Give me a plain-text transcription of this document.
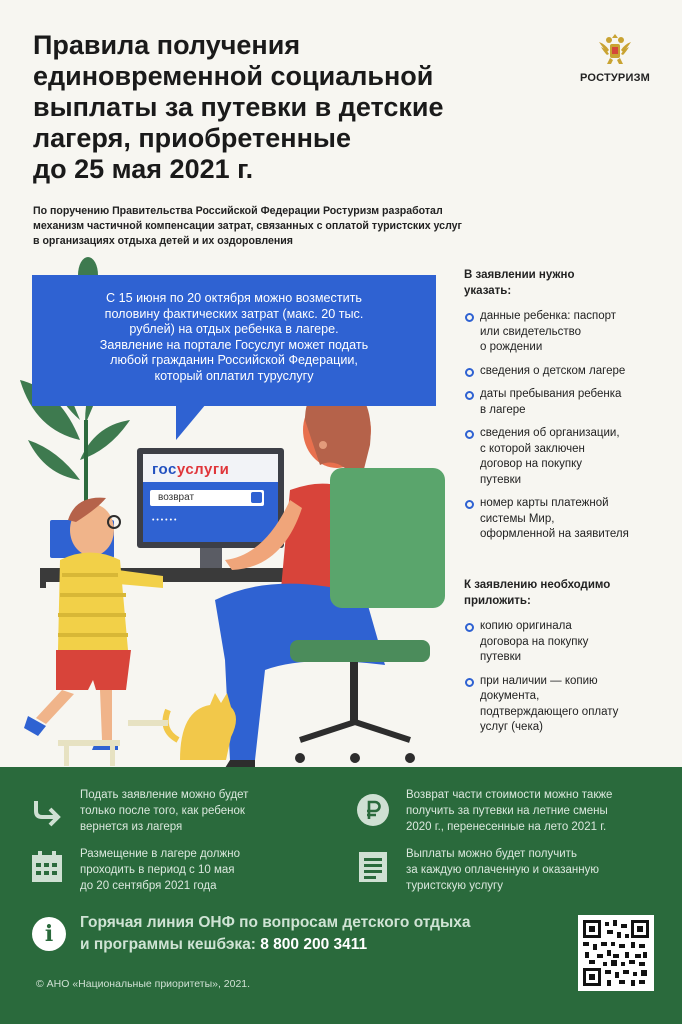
Правила получения
единовременной социальной
выплаты за путевки в детские
лагеря, приобретенные
до 25 мая 2021 г.
РОСТУРИЗМ
По поручению Правительства Российской Федерации Ростуризм разработал
механизм частичной компенсации затрат, связанных с оплатой туристских услуг
в организациях отдыха детей и их оздоровления
С 15 июня по 20 октября можно возместить
половину фактических затрат (макс. 20 тыс.
рублей) на отдых ребенка в лагере.
Заявление на портале Госуслуг может подать
любой гражданин Российской Федерации,
который оплатил туруслугу
госуслуги
возврат
• • • • • •
В заявлении нужно
указать:
данные ребенка: паспорт
или свидетельство
о рождении
сведения о детском лагере
даты пребывания ребенка
в лагере
сведения об организации,
с которой заключен
договор на покупку
путевки
номер карты платежной
системы Мир,
оформленной на заявителя
К заявлению необходимо
приложить:
копию оригинала
договора на покупку
путевки
при наличии — копию
документа,
подтверждающего оплату
услуг (чека)
Подать заявление можно будет
только после того, как ребенок
вернется из лагеря
Возврат части стоимости можно также
получить за путевки на летние смены
2020 г., перенесенные на лето 2021 г.
Размещение в лагере должно
проходить в период с 10 мая
до 20 сентября 2021 года
Выплаты можно будет получить
за каждую оплаченную и оказанную
туристскую услугу
i	Горячая линия ОНФ по вопросам детского отдыха
и программы кешбэка: 8 800 200 3411
© АНО «Национальные приоритеты», 2021.
